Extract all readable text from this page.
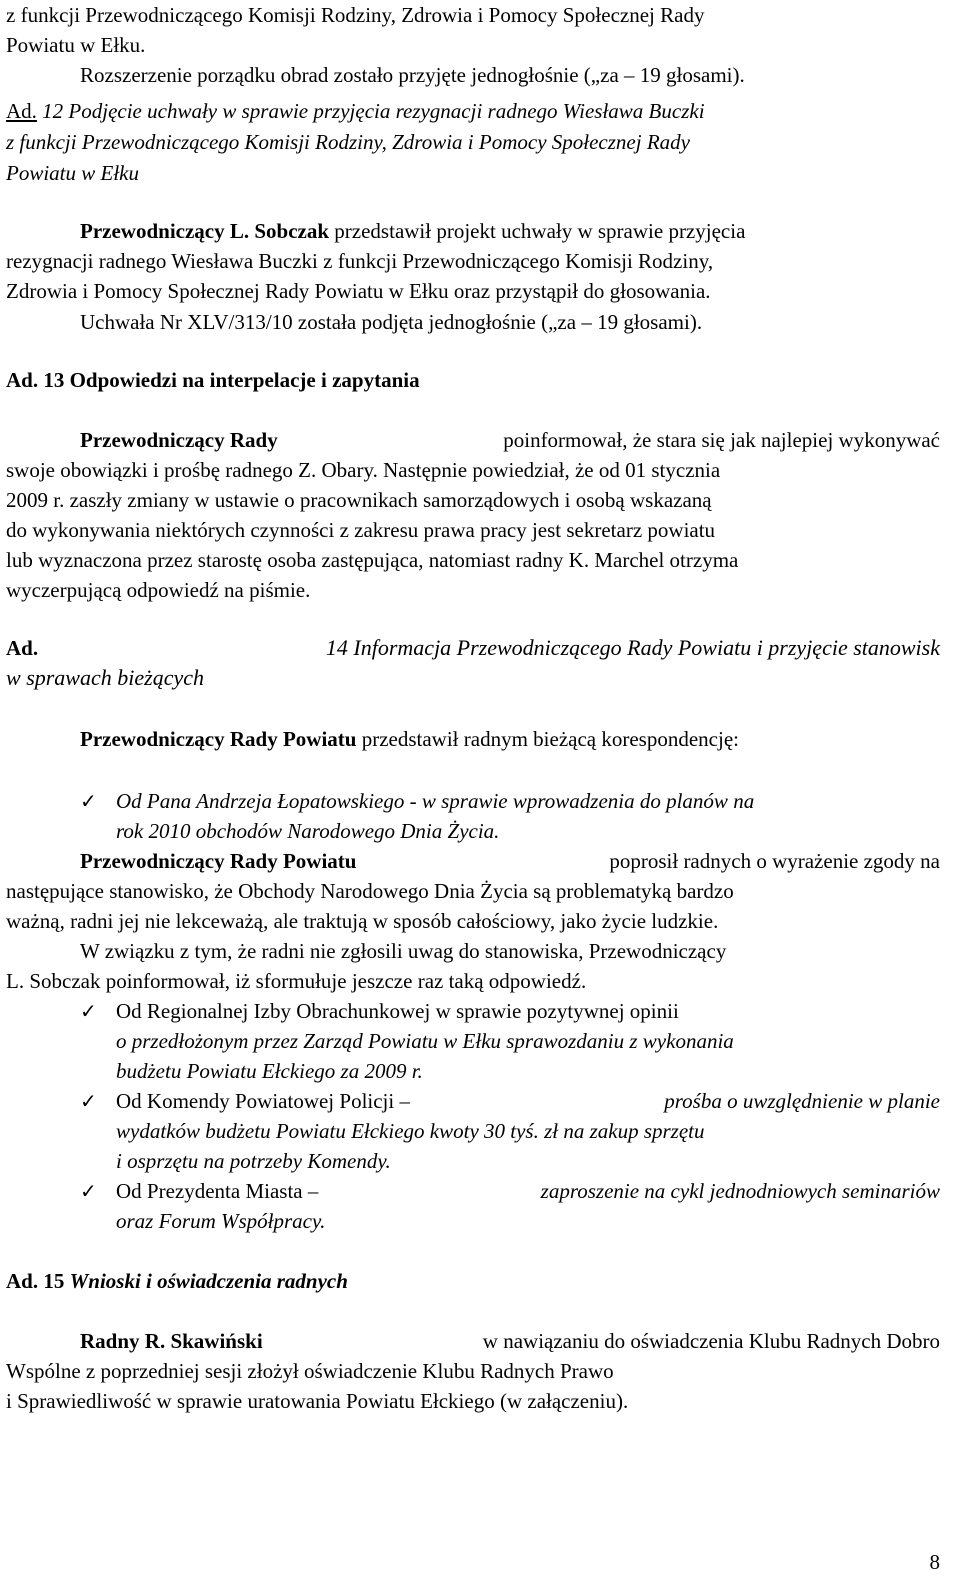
z funkcji Przewodniczącego Komisji Rodziny, Zdrowia i Pomocy Społecznej Rady
Powiatu w Ełku.
Rozszerzenie porządku obrad zostało przyjęte jednogłośnie („za – 19 głosami).
Ad. 12 Podjęcie uchwały w sprawie przyjęcia rezygnacji radnego Wiesława Buczki
z funkcji Przewodniczącego Komisji Rodziny, Zdrowia i Pomocy Społecznej Rady
Powiatu w Ełku
Przewodniczący L. Sobczak przedstawił projekt uchwały w sprawie przyjęcia
rezygnacji radnego Wiesława Buczki z funkcji Przewodniczącego Komisji Rodziny,
Zdrowia i Pomocy Społecznej Rady Powiatu w Ełku oraz przystąpił do głosowania.
Uchwała Nr XLV/313/10 została podjęta jednogłośnie („za – 19 głosami).
Ad. 13 Odpowiedzi na interpelacje i zapytania
Przewodniczący Rady	poinformował, że stara się jak najlepiej wykonywać
swoje obowiązki i prośbę radnego Z. Obary. Następnie powiedział, że od 01 stycznia
2009 r. zaszły zmiany w ustawie o pracownikach samorządowych i osobą wskazaną
do wykonywania niektórych czynności z zakresu prawa pracy jest sekretarz powiatu
lub wyznaczona przez starostę osoba zastępująca, natomiast radny K. Marchel otrzyma
wyczerpującą odpowiedź na piśmie.
Ad.	14 Informacja Przewodniczącego Rady Powiatu i przyjęcie stanowisk
w sprawach bieżących
Przewodniczący Rady Powiatu przedstawił radnym bieżącą korespondencję:
✓ Od Pana Andrzeja Łopatowskiego - w sprawie wprowadzenia do planów na
rok 2010 obchodów Narodowego Dnia Życia.
Przewodniczący Rady Powiatu	poprosił radnych o wyrażenie zgody na
następujące stanowisko, że Obchody Narodowego Dnia Życia są problematyką bardzo
ważną, radni jej nie lekceważą, ale traktują w sposób całościowy, jako życie ludzkie.
W związku z tym, że radni nie zgłosili uwag do stanowiska, Przewodniczący
L. Sobczak poinformował, iż sformułuje jeszcze raz taką odpowiedź.
✓ Od Regionalnej Izby Obrachunkowej w sprawie pozytywnej opinii
o przedłożonym przez Zarząd Powiatu w Ełku sprawozdaniu z wykonania
budżetu Powiatu Ełckiego za 2009 r.
✓ Od Komendy Powiatowej Policji –	prośba o uwzględnienie w planie
wydatków budżetu Powiatu Ełckiego kwoty 30 tyś. zł na zakup sprzętu
i osprzętu na potrzeby Komendy.
✓ Od Prezydenta Miasta –	zaproszenie na cykl jednodniowych seminariów
oraz Forum Współpracy.
Ad. 15 Wnioski i oświadczenia radnych
Radny R. Skawiński	w nawiązaniu do oświadczenia Klubu Radnych Dobro
Wspólne z poprzedniej sesji złożył oświadczenie Klubu Radnych Prawo
i Sprawiedliwość w sprawie uratowania Powiatu Ełckiego (w załączeniu).
8
